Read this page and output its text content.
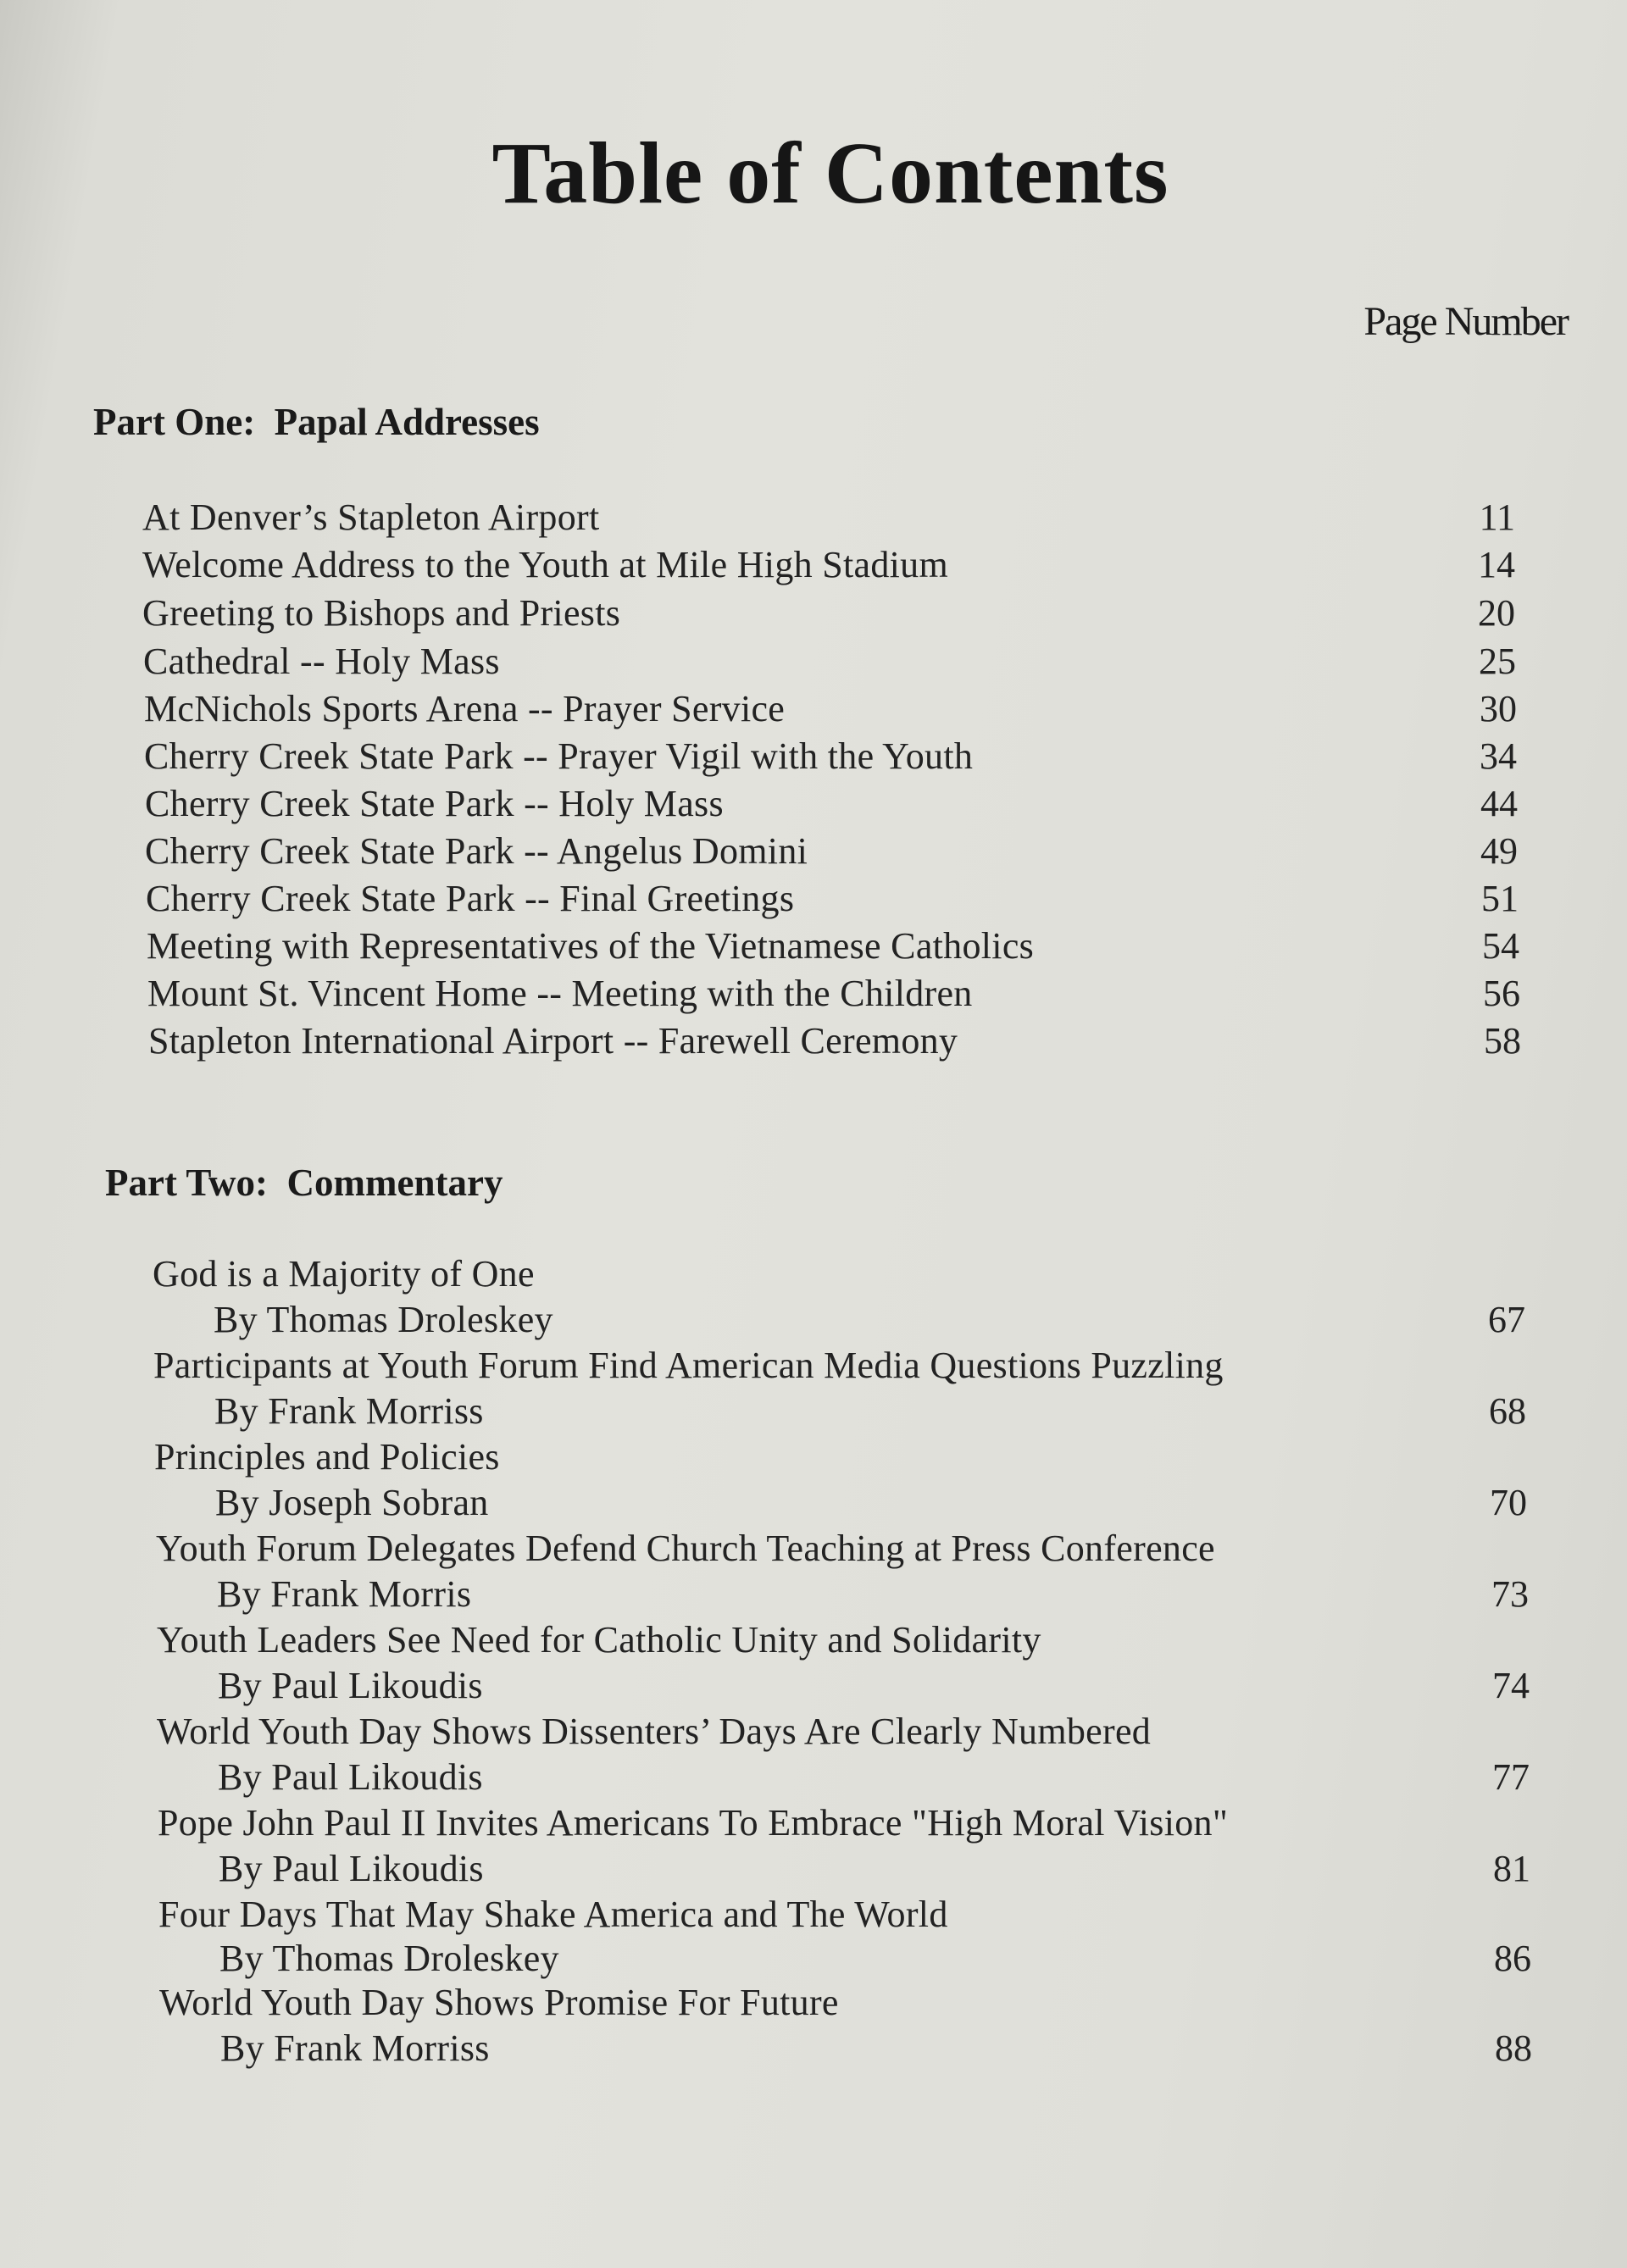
Table of Contents
Page Number
Part One:  Papal Addresses
At Denver’s Stapleton Airport	11
Welcome Address to the Youth at Mile High Stadium	14
Greeting to Bishops and Priests	20
Cathedral -- Holy Mass	25
McNichols Sports Arena -- Prayer Service	30
Cherry Creek State Park -- Prayer Vigil with the Youth	34
Cherry Creek State Park -- Holy Mass	44
Cherry Creek State Park -- Angelus Domini	49
Cherry Creek State Park -- Final Greetings	51
Meeting with Representatives of the Vietnamese Catholics	54
Mount St. Vincent Home -- Meeting with the Children	56
Stapleton International Airport -- Farewell Ceremony	58
Part Two:  Commentary
God is a Majority of One
By Thomas Droleskey	67
Participants at Youth Forum Find American Media Questions Puzzling
By Frank Morriss	68
Principles and Policies
By Joseph Sobran	70
Youth Forum Delegates Defend Church Teaching at Press Conference
By Frank Morris	73
Youth Leaders See Need for Catholic Unity and Solidarity
By Paul Likoudis	74
World Youth Day Shows Dissenters’ Days Are Clearly Numbered
By Paul Likoudis	77
Pope John Paul II Invites Americans To Embrace "High Moral Vision"
By Paul Likoudis	81
Four Days That May Shake America and The World
By Thomas Droleskey	86
World Youth Day Shows Promise For Future
By Frank Morriss	88
